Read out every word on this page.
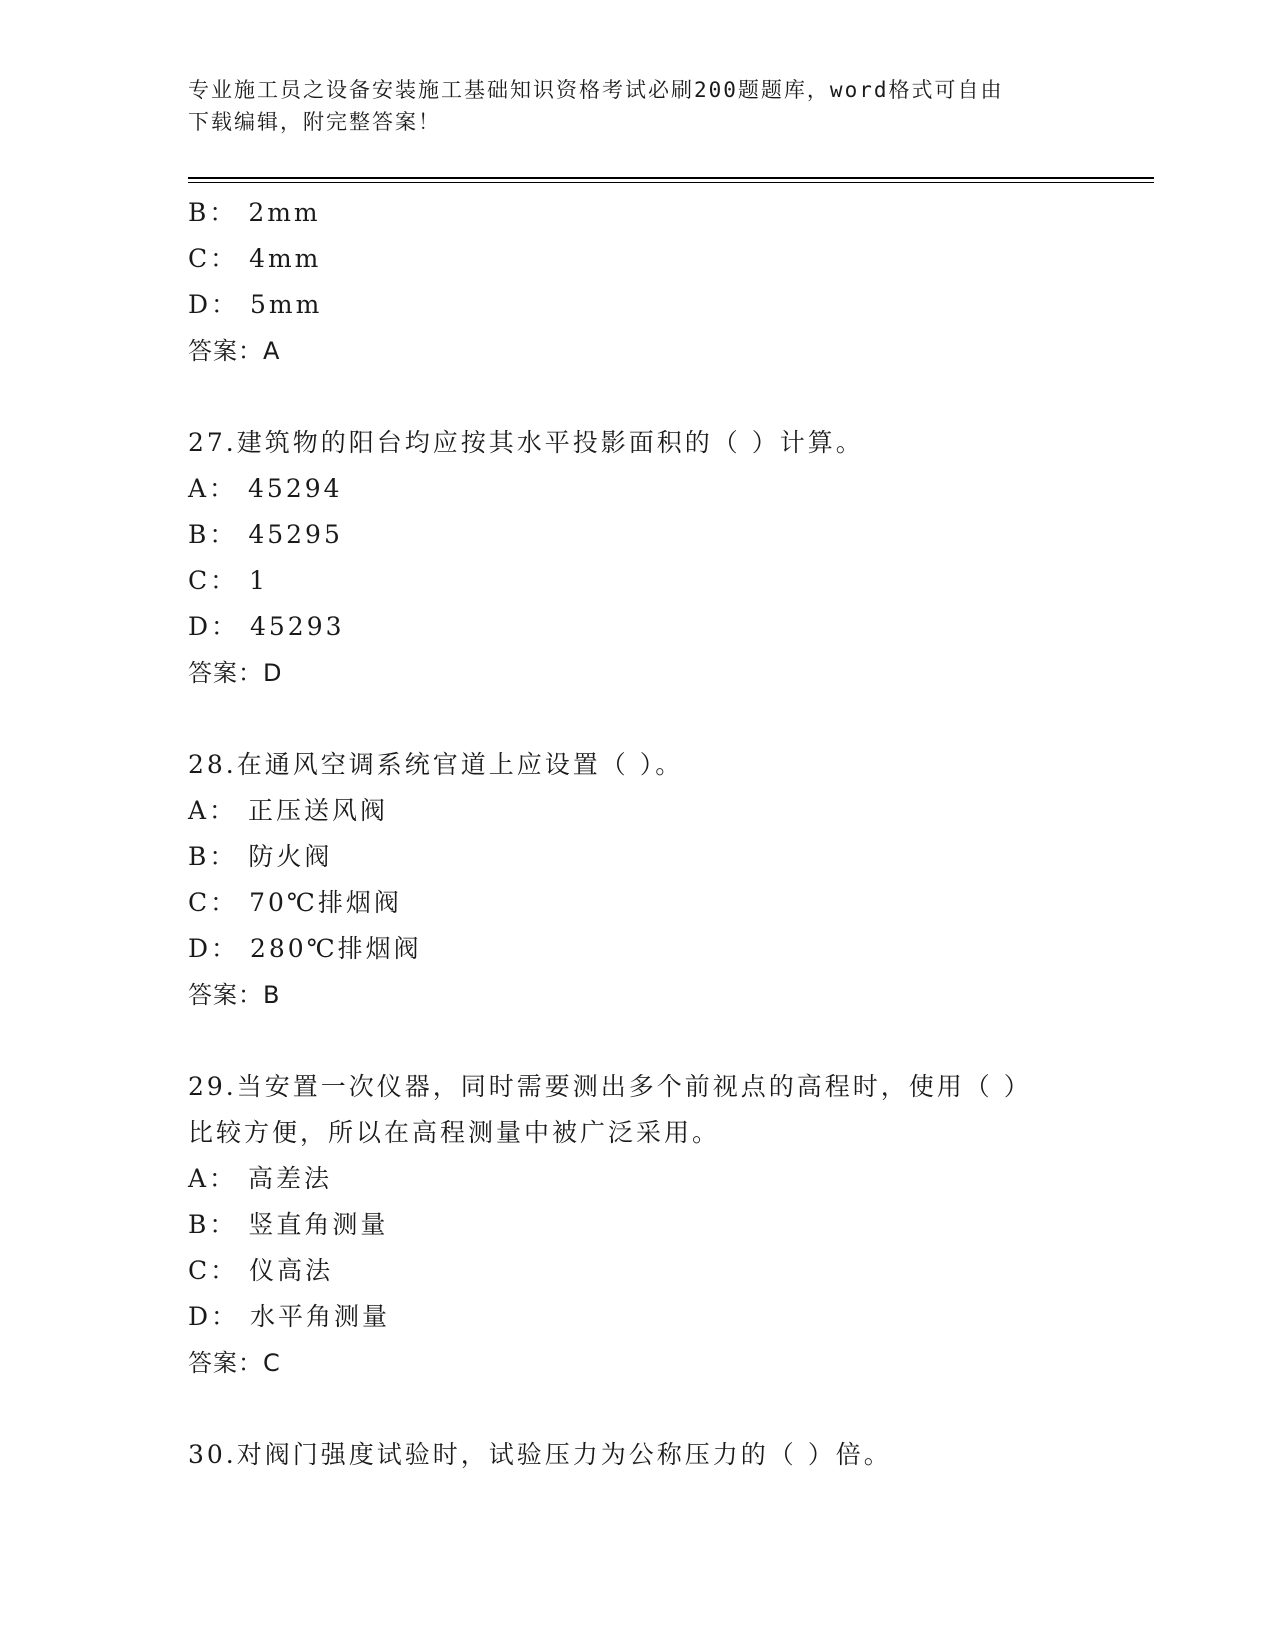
专业施工员之设备安装施工基础知识资格考试必刷200题题库，word格式可自由
下载编辑，附完整答案！
B： 2mm
C： 4mm
D： 5mm
答案：A
27.建筑物的阳台均应按其水平投影面积的（ ）计算。
A： 45294
B： 45295
C： 1
D： 45293
答案：D
28.在通风空调系统官道上应设置（ ）。
A： 正压送风阀
B： 防火阀
C： 70℃排烟阀
D： 280℃排烟阀
答案：B
29.当安置一次仪器，同时需要测出多个前视点的高程时，使用（ ）
比较方便，所以在高程测量中被广泛采用。
A： 高差法
B： 竖直角测量
C： 仪高法
D： 水平角测量
答案：C
30.对阀门强度试验时，试验压力为公称压力的（ ）倍。
